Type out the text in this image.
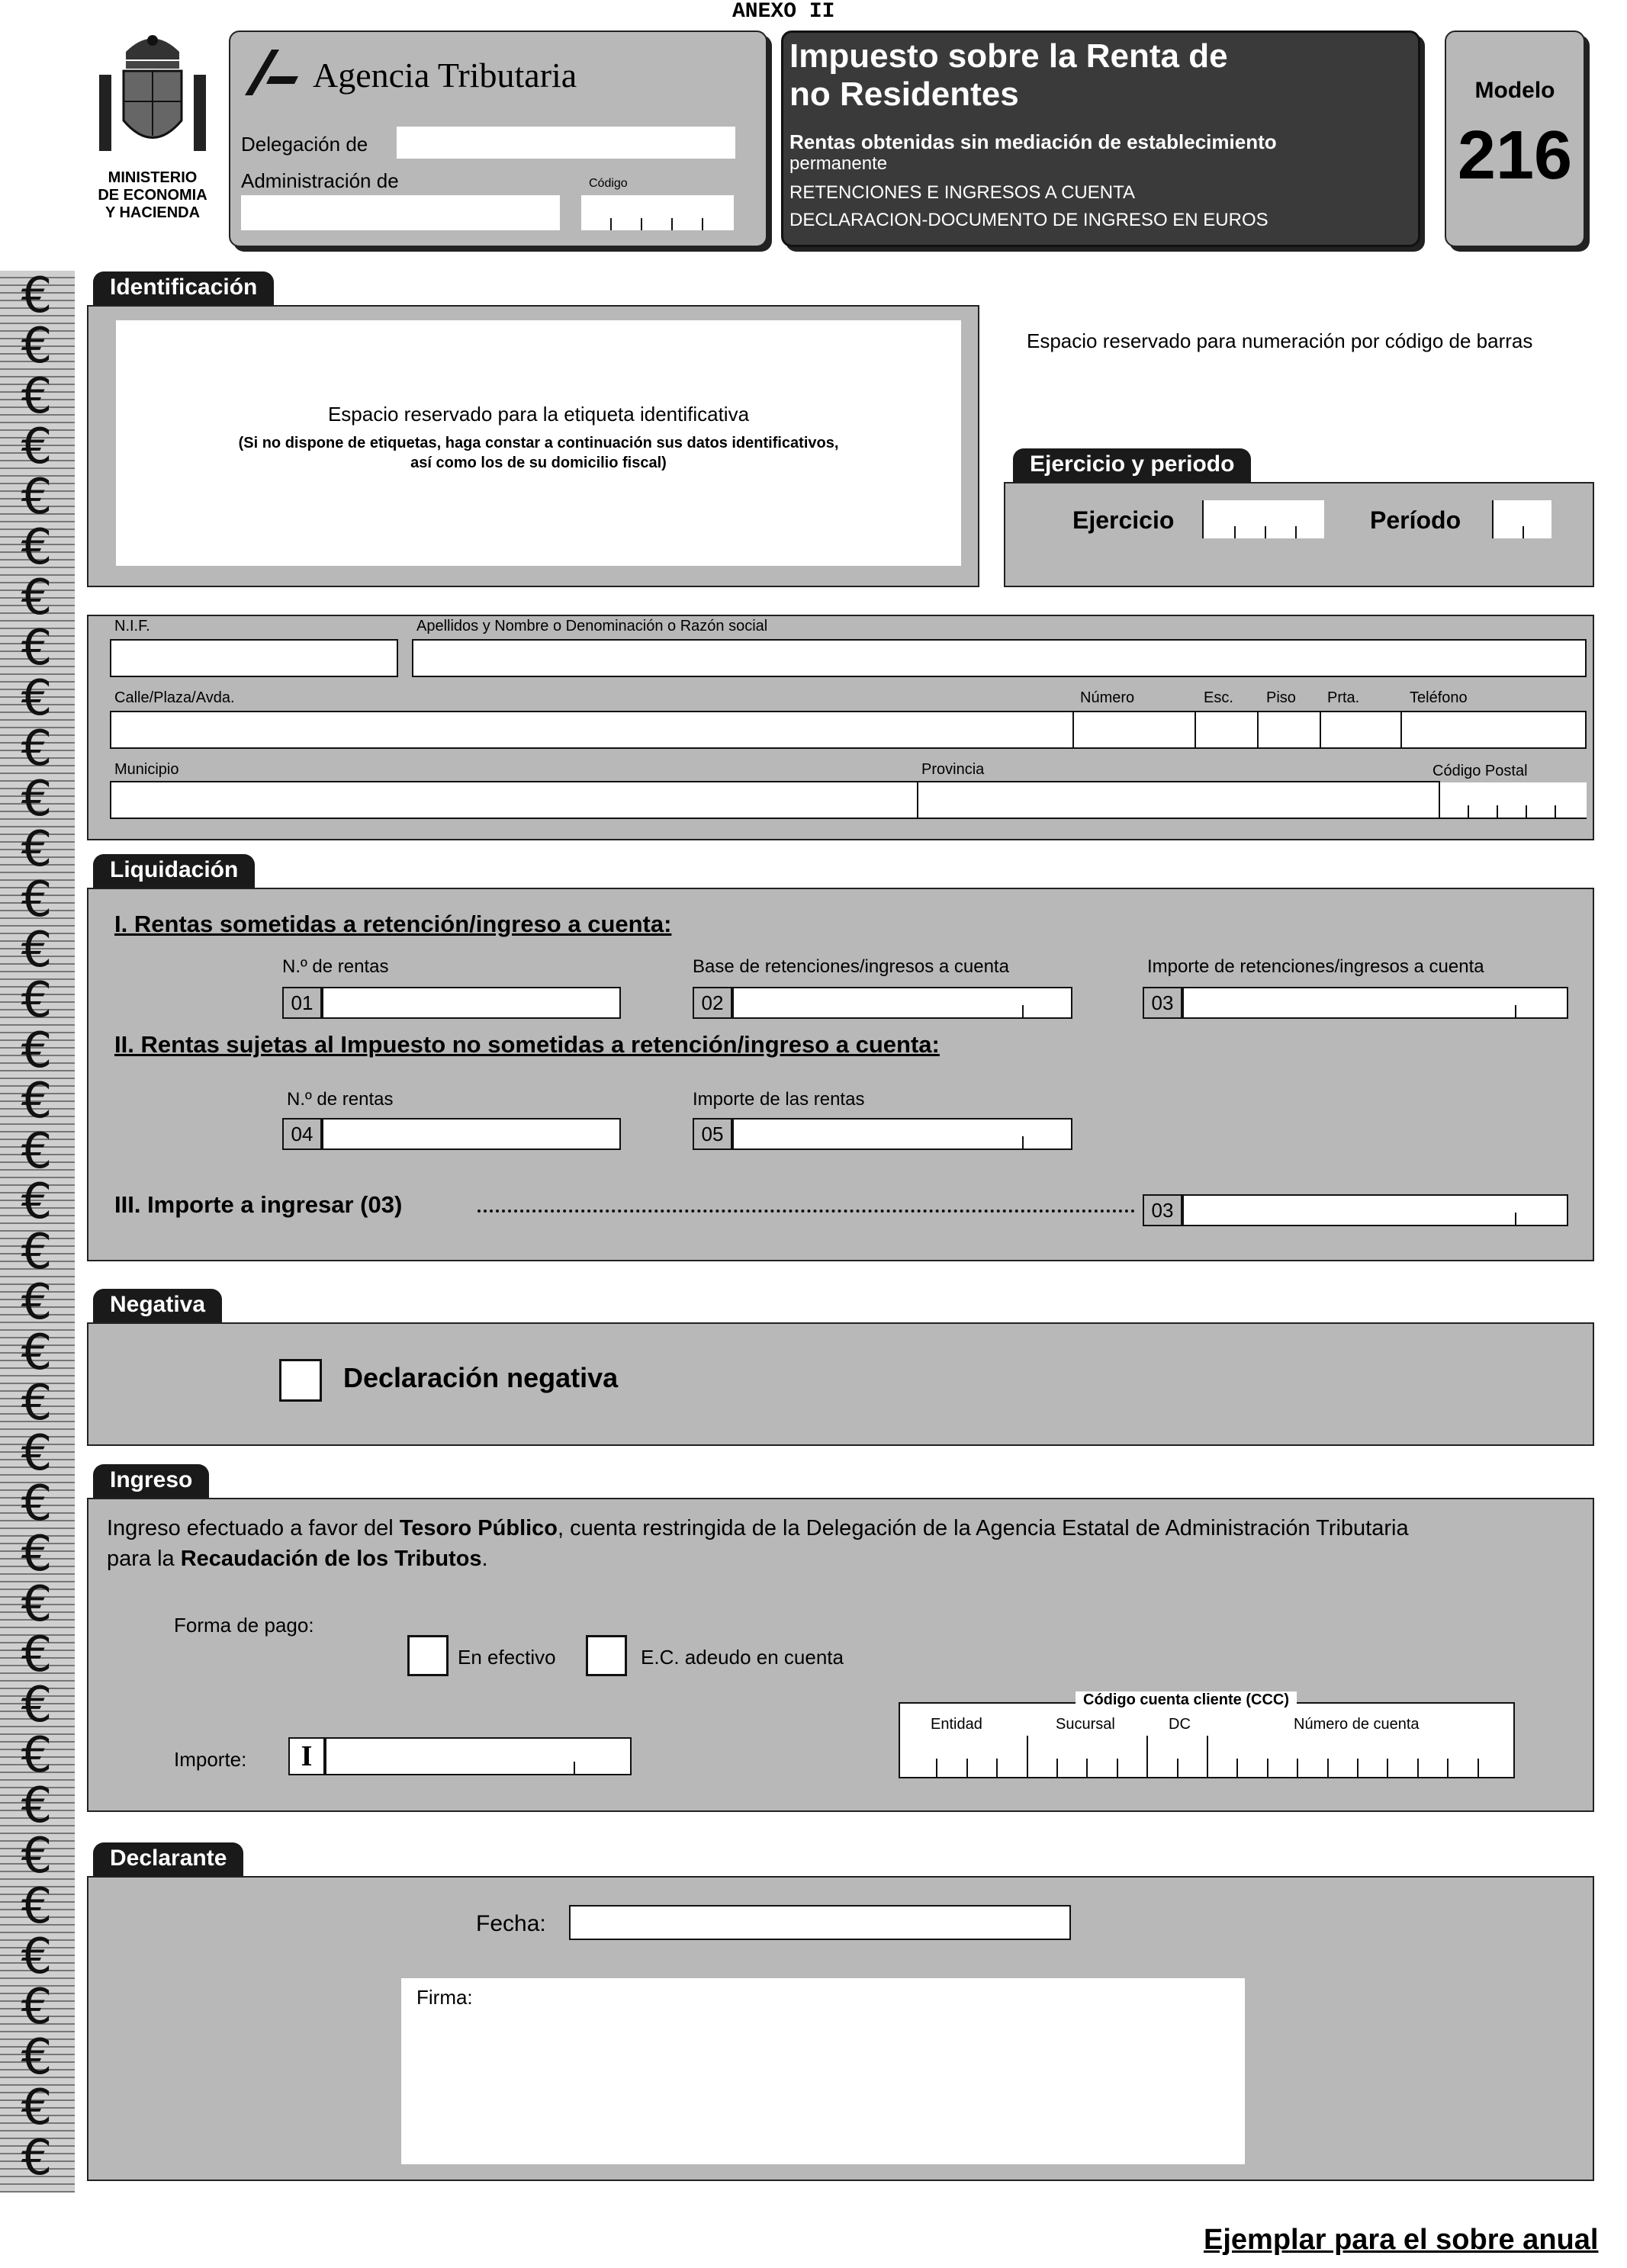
€
€
€
€
€
€
€
€
€
€
€
€
€
€
€
€
€
€
€
€
€
€
€
€
€
€
€
€
€
€
€
€
€
€
€
€
€
€
ANEXO II
MINISTERIO
DE ECONOMIA
Y HACIENDA
Agencia Tributaria
Delegación de
Administración de	Código
Impuesto sobre la Renta de
no Residentes
Rentas obtenidas sin mediación de establecimiento
permanente
RETENCIONES E INGRESOS A CUENTA
DECLARACION-DOCUMENTO DE INGRESO EN EUROS
Modelo
216
Identificación
Espacio reservado para la etiqueta identificativa
(Si no dispone de etiquetas, haga constar a continuación sus datos identificativos,
así como los de su domicilio fiscal)
Espacio reservado para numeración por código de barras
Ejercicio y periodo
Ejercicio	Período
N.I.F.	Apellidos y Nombre o Denominación o Razón social
Calle/Plaza/Avda.	Número	Esc. Piso Prta.	Teléfono
Municipio	Provincia	Código Postal
Liquidación
I. Rentas sometidas a retención/ingreso a cuenta:
N.º de rentas	Base de retenciones/ingresos a cuenta	Importe de retenciones/ingresos a cuenta
01	02	03
II. Rentas sujetas al Impuesto no sometidas a retención/ingreso a cuenta:
N.º de rentas	Importe de las rentas
04	05
III. Importe a ingresar (03)	03
Negativa
Declaración negativa
Ingreso
Ingreso efectuado a favor del Tesoro Público, cuenta restringida de la Delegación de la Agencia Estatal de Administración Tributaria
para la Recaudación de los Tributos.
Forma de pago:
En efectivo	E.C. adeudo en cuenta
Código cuenta cliente (CCC)
Entidad	Sucursal	DC	Número de cuenta
Importe:	I
Declarante
Fecha:
Firma:
Ejemplar para el sobre anual
